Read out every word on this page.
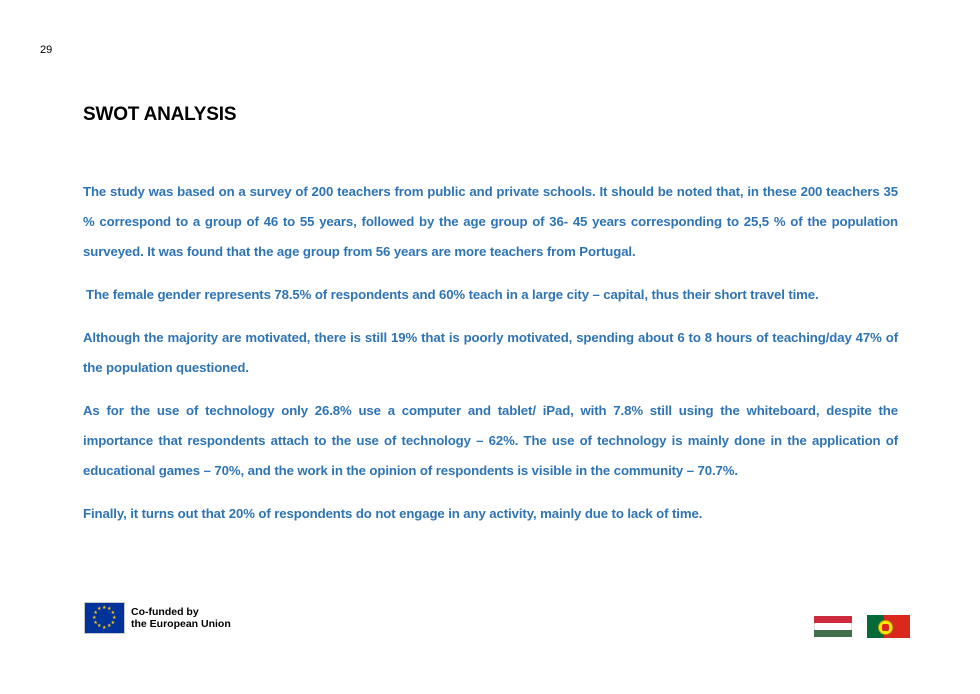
29
SWOT ANALYSIS

The study was based on a survey of 200 teachers from public and private schools. It should be noted that, in these 200 teachers 35 % correspond to a group of 46 to 55 years, followed by the age group of 36- 45 years corresponding to 25,5 % of the population surveyed. It was found that the age group from 56 years are more teachers from Portugal.

The female gender represents 78.5% of respondents and 60% teach in a large city – capital, thus their short travel time.

Although the majority are motivated, there is still 19% that is poorly motivated, spending about 6 to 8 hours of teaching/day 47% of the population questioned.

As for the use of technology only 26.8% use a computer and tablet/ iPad, with 7.8% still using the whiteboard, despite the importance that respondents attach to the use of technology – 62%. The use of technology is mainly done in the application of educational games – 70%, and the work in the opinion of respondents is visible in the community – 70.7%.

Finally, it turns out that 20% of respondents do not engage in any activity, mainly due to lack of time.

★
★
★
★
★
★
★
★
★ ★ ★
★ Co-funded by
the European Union
